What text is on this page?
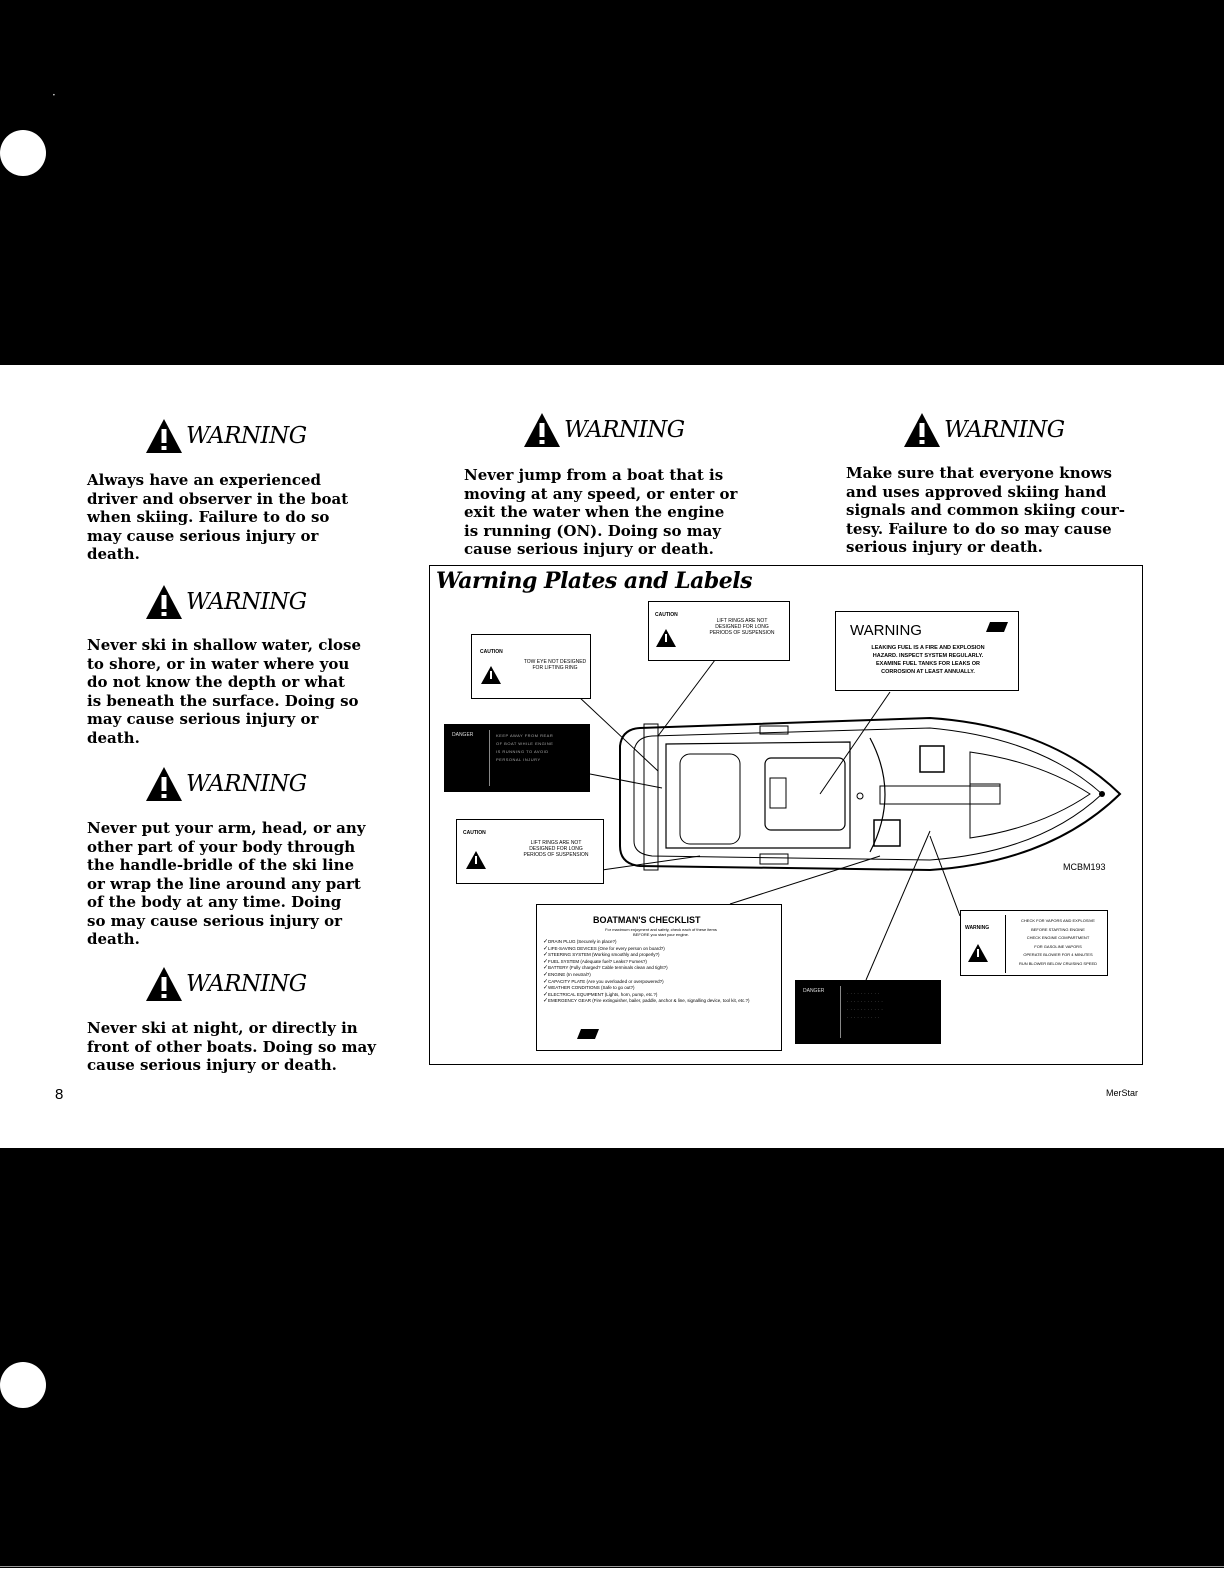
·
WARNING
Always have an experienced
driver and observer in the boat
when skiing. Failure to do so
may cause serious injury or
death.
WARNING
Never ski in shallow water, close
to shore, or in water where you
do not know the depth or what
is beneath the surface. Doing so
may cause serious injury or
death.
WARNING
Never put your arm, head, or any
other part of your body through
the handle-bridle of the ski line
or wrap the line around any part
of the body at any time. Doing
so may cause serious injury or
death.
WARNING
Never ski at night, or directly in
front of other boats. Doing so may
cause serious injury or death.
WARNING
Never jump from a boat that is
moving at any speed, or enter or
exit the water when the engine
is running (ON). Doing so may
cause serious injury or death.
WARNING
Make sure that everyone knows
and uses approved skiing hand
signals and common skiing cour-
tesy. Failure to do so may cause
serious injury or death.
Warning Plates and Labels
CAUTION
TOW EYE NOT DESIGNED
FOR LIFTING RING
CAUTION
LIFT RINGS ARE NOT
DESIGNED FOR LONG
PERIODS OF SUSPENSION	WARNING
LEAKING FUEL IS A FIRE AND EXPLOSION
HAZARD. INSPECT SYSTEM REGULARLY.
EXAMINE FUEL TANKS FOR LEAKS OR
CORROSION AT LEAST ANNUALLY.
DANGER	KEEP AWAY FROM REAR
OF BOAT WHILE ENGINE
IS RUNNING TO AVOID
PERSONAL INJURY
CAUTION
LIFT RINGS ARE NOT
DESIGNED FOR LONG
PERIODS OF SUSPENSION
MCBM193
BOATMAN'S CHECKLIST
For maximum enjoyment and safety, check each of these items
BEFORE you start your engine.
✓ DRAIN PLUG (Securely in place?)
✓ LIFE-SAVING DEVICES (One for every person on board?)
✓ STEERING SYSTEM (Working smoothly and properly?)
✓ FUEL SYSTEM (Adequate fuel? Leaks? Fumes?)
✓ BATTERY (Fully charged? Cable terminals clean and tight?)
✓ ENGINE (In neutral?)
✓ CAPACITY PLATE (Are you overloaded or overpowered?)
✓ WEATHER CONDITIONS (Safe to go out?)
✓ ELECTRICAL EQUIPMENT (Lights, horn, pump, etc.?)
✓ EMERGENCY GEAR (Fire extinguisher, bailer, paddle, anchor & line, signalling device, tool kit, etc.?)
DANGER	· · · · · · · · · ·
· · · · · · · · · · ·
· · · · · · · · · · ·
· · · · · · · · · ·
WARNING
CHECK FOR VAPORS AND EXPLOSIVE
BEFORE STARTING ENGINE
CHECK ENGINE COMPARTMENT
FOR GASOLINE VAPORS
OPERATE BLOWER FOR 4 MINUTES
RUN BLOWER BELOW CRUISING SPEED
8	MerStar
